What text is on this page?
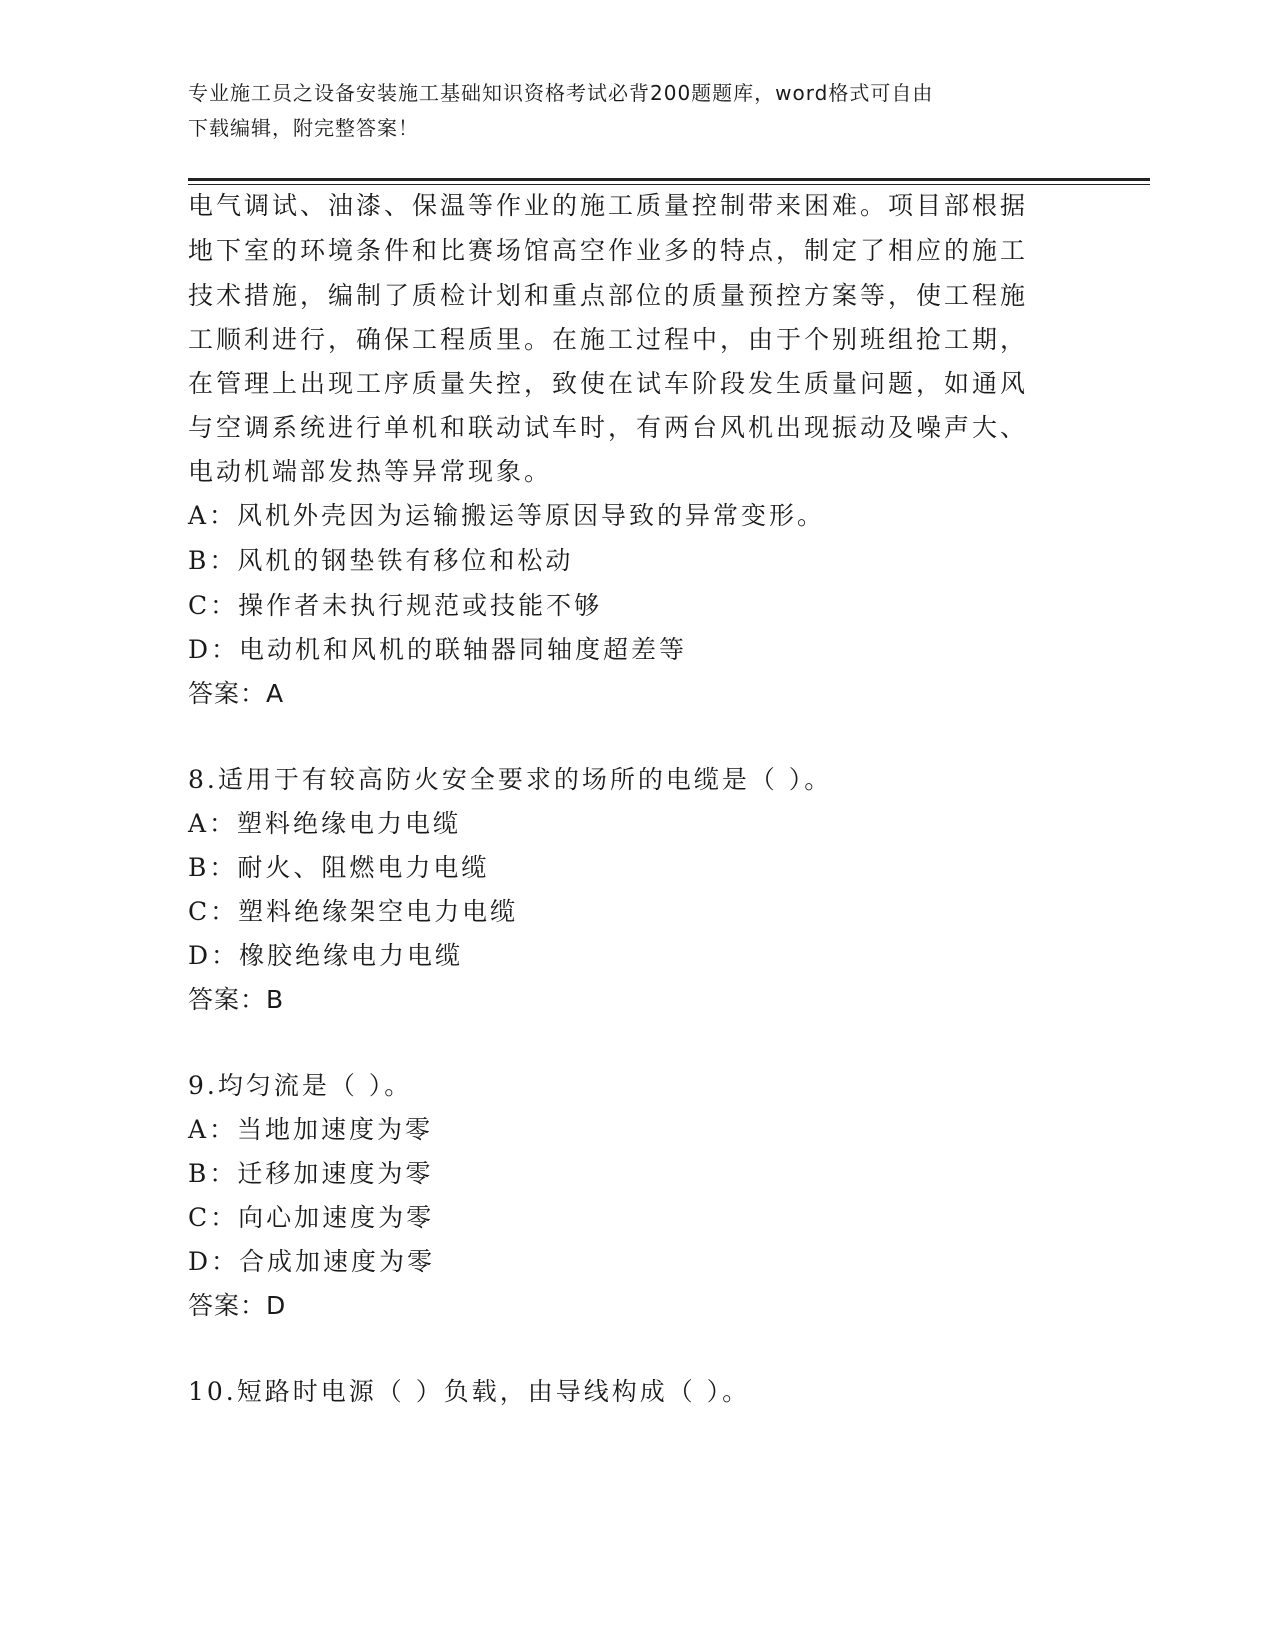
专业施工员之设备安装施工基础知识资格考试必背200题题库，word格式可自由
下载编辑，附完整答案！
电气调试、油漆、保温等作业的施工质量控制带来困难。项目部根据
地下室的环境条件和比赛场馆高空作业多的特点，制定了相应的施工
技术措施，编制了质检计划和重点部位的质量预控方案等，使工程施
工顺利进行，确保工程质里。在施工过程中，由于个别班组抢工期，
在管理上出现工序质量失控，致使在试车阶段发生质量问题，如通风
与空调系统进行单机和联动试车时，有两台风机出现振动及噪声大、
电动机端部发热等异常现象。
A：风机外壳因为运输搬运等原因导致的异常变形。
B：风机的钢垫铁有移位和松动
C：操作者未执行规范或技能不够
D：电动机和风机的联轴器同轴度超差等
答案：A
8.适用于有较高防火安全要求的场所的电缆是（ ）。
A：塑料绝缘电力电缆
B：耐火、阻燃电力电缆
C：塑料绝缘架空电力电缆
D：橡胶绝缘电力电缆
答案：B
9.均匀流是（ ）。
A：当地加速度为零
B：迁移加速度为零
C：向心加速度为零
D：合成加速度为零
答案：D
10.短路时电源（ ）负载，由导线构成（ ）。
